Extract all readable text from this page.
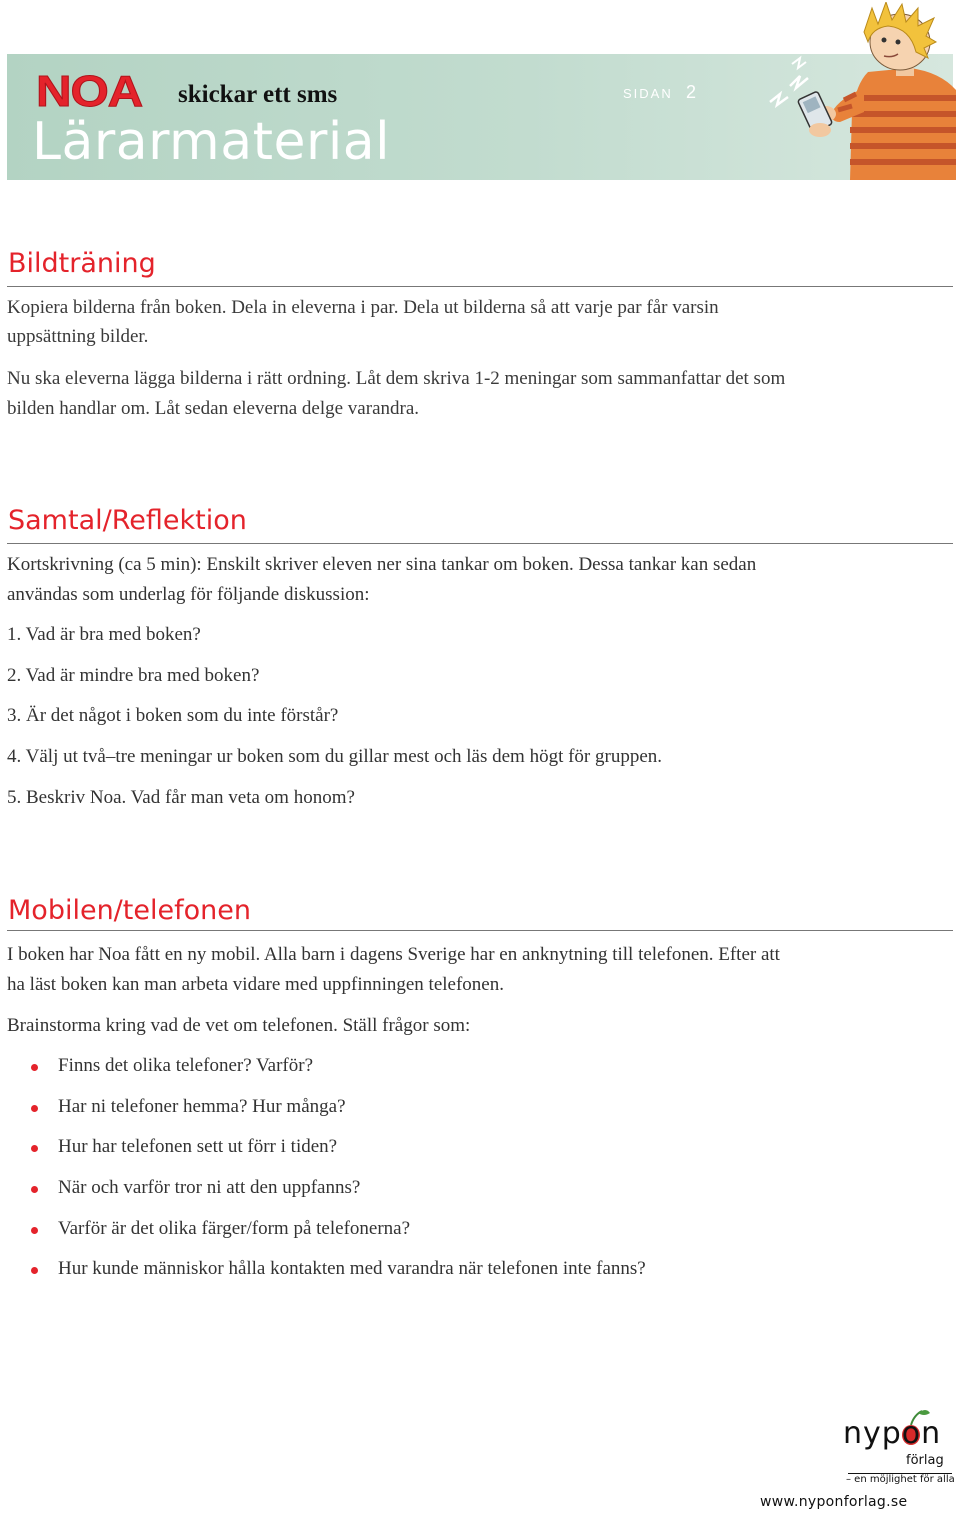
NOA skickar ett sms	SIDAN 2
Lärarmaterial
Bildträning
Kopiera bilderna från boken. Dela in eleverna i par. Dela ut bilderna så att varje par får varsin
uppsättning bilder.
Nu ska eleverna lägga bilderna i rätt ordning. Låt dem skriva 1-2 meningar som sammanfattar det som
bilden handlar om. Låt sedan eleverna delge varandra.
Samtal/Reflektion
Kortskrivning (ca 5 min): Enskilt skriver eleven ner sina tankar om boken. Dessa tankar kan sedan
användas som underlag för följande diskussion:
1. Vad är bra med boken?
2. Vad är mindre bra med boken?
3. Är det något i boken som du inte förstår?
4. Välj ut två–tre meningar ur boken som du gillar mest och läs dem högt för gruppen.
5. Beskriv Noa. Vad får man veta om honom?
Mobilen/telefonen
I boken har Noa fått en ny mobil. Alla barn i dagens Sverige har en anknytning till telefonen. Efter att
ha läst boken kan man arbeta vidare med uppfinningen telefonen.
Brainstorma kring vad de vet om telefonen. Ställ frågor som:
Finns det olika telefoner? Varför?
Har ni telefoner hemma? Hur många?
Hur har telefonen sett ut förr i tiden?
När och varför tror ni att den uppfanns?
Varför är det olika färger/form på telefonerna?
Hur kunde människor hålla kontakten med varandra när telefonen inte fanns?
nypon
förlag
– en möjlighet för alla
www.nyponforlag.se
